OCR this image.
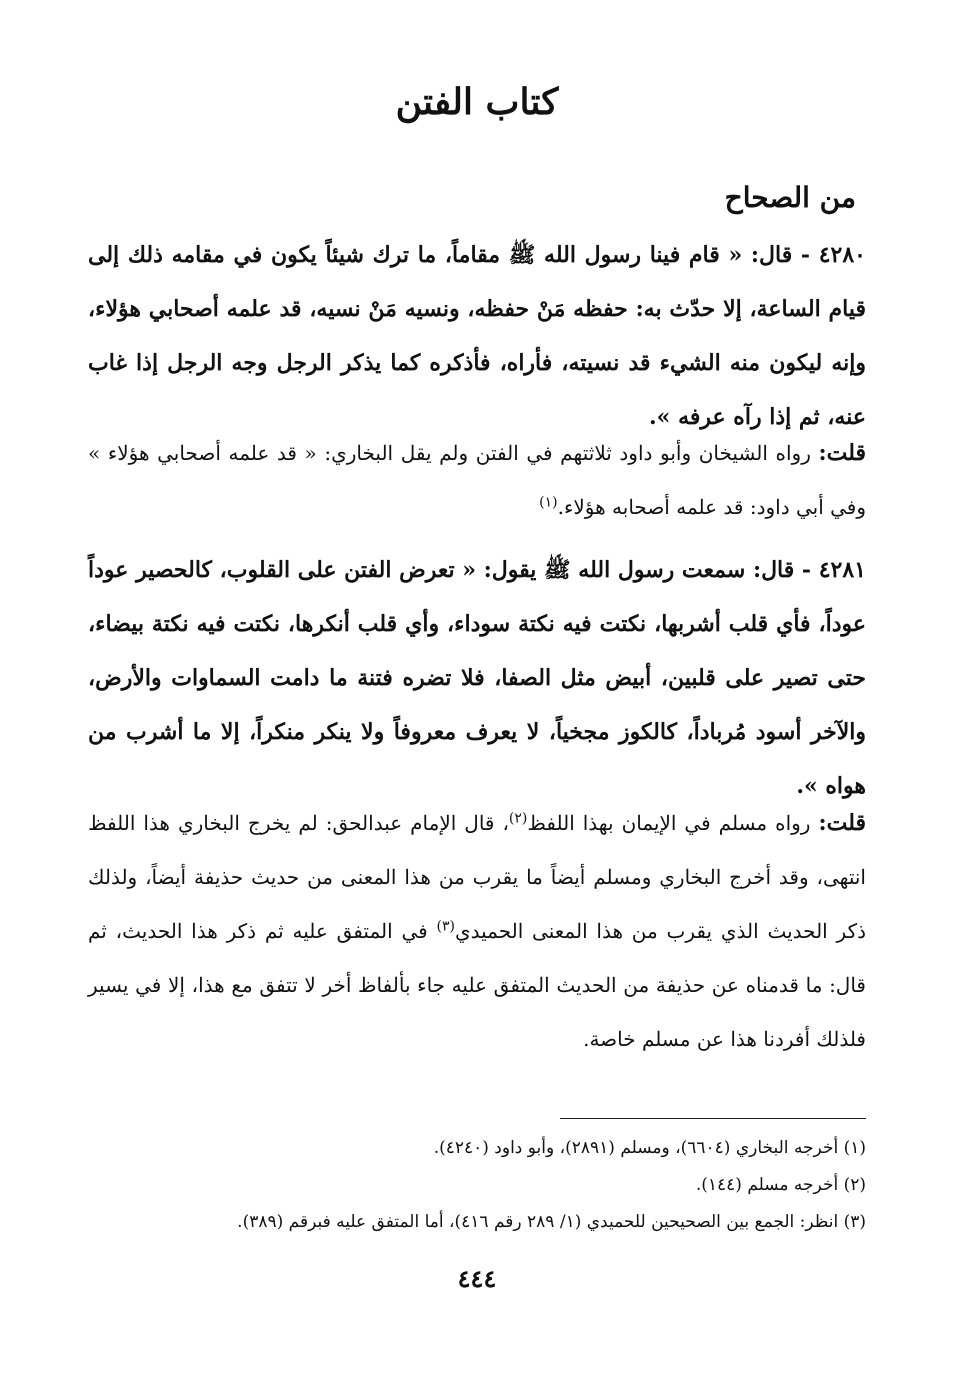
كتاب الفتن
من الصحاح
٤٢٨٠ - قال: « قام فينا رسول الله ﷺ مقاماً، ما ترك شيئاً يكون في مقامه ذلك إلى قيام الساعة، إلا حدّث به: حفظه مَنْ حفظه، ونسيه مَنْ نسيه، قد علمه أصحابي هؤلاء، وإنه ليكون منه الشيء قد نسيته، فأراه، فأذكره كما يذكر الرجل وجه الرجل إذا غاب عنه، ثم إذا رآه عرفه ».
قلت: رواه الشيخان وأبو داود ثلاثتهم في الفتن ولم يقل البخاري: « قد علمه أصحابي هؤلاء » وفي أبي داود: قد علمه أصحابه هؤلاء.$^{(١)}$
٤٢٨١ - قال: سمعت رسول الله ﷺ يقول: « تعرض الفتن على القلوب، كالحصير عوداً عوداً، فأي قلب أشربها، نكتت فيه نكتة سوداء، وأي قلب أنكرها، نكتت فيه نكتة بيضاء، حتى تصير على قلبين، أبيض مثل الصفا، فلا تضره فتنة ما دامت السماوات والأرض، والآخر أسود مُرباداً، كالكوز مجخياً، لا يعرف معروفاً ولا ينكر منكراً، إلا ما أشرب من هواه ».
قلت: رواه مسلم في الإيمان بهذا اللفظ$^{(٢)}$، قال الإمام عبدالحق: لم يخرج البخاري هذا اللفظ انتهى، وقد أخرج البخاري ومسلم أيضاً ما يقرب من هذا المعنى من حديث حذيفة أيضاً، ولذلك ذكر الحديث الذي يقرب من هذا المعنى الحميدي$^{(٣)}$ في المتفق عليه ثم ذكر هذا الحديث، ثم قال: ما قدمناه عن حذيفة من الحديث المتفق عليه جاء بألفاظ أخر لا تتفق مع هذا، إلا في يسير فلذلك أفردنا هذا عن مسلم خاصة.
(١) أخرجه البخاري (٦٦٠٤)، ومسلم (٢٨٩١)، وأبو داود (٤٢٤٠).
(٢) أخرجه مسلم (١٤٤).
(٣) انظر: الجمع بين الصحيحين للحميدي (١/ ٢٨٩ رقم ٤١٦)، أما المتفق عليه فبرقم (٣٨٩).
٤٤٤
